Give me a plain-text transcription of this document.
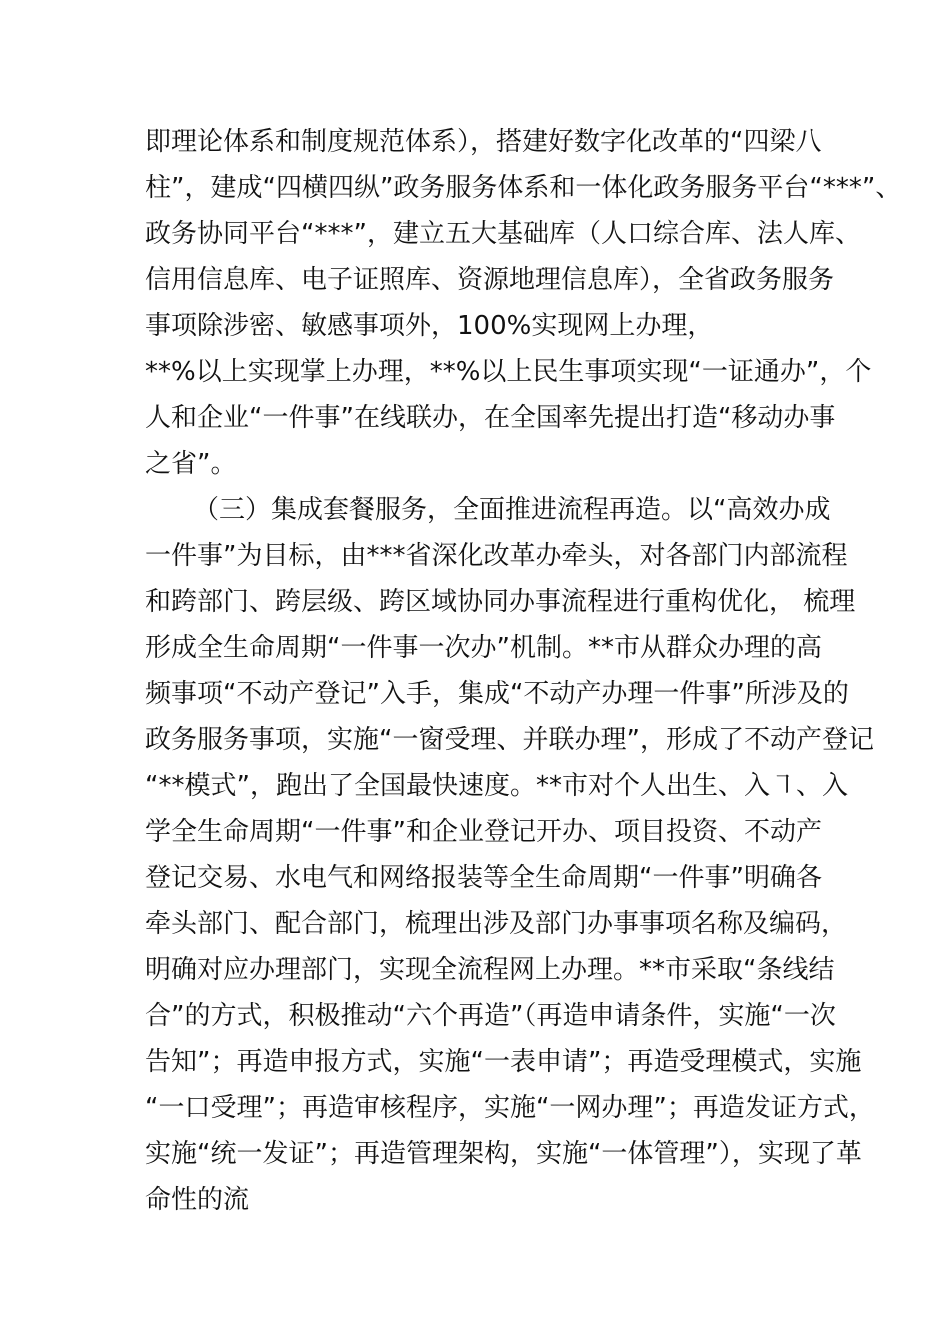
即理论体系和制度规范体系），搭建好数字化改革的“四梁八
柱”，建成“四横四纵”政务服务体系和一体化政务服务平台“***”、
政务协同平台“***”，建立五大基础库（人口综合库、法人库、
信用信息库、电子证照库、资源地理信息库），全省政务服务
事项除涉密、敏感事项外，100%实现网上办理，
**%以上实现掌上办理，**%以上民生事项实现“一证通办”，个
人和企业“一件事”在线联办，在全国率先提出打造“移动办事
之省”。
（三）集成套餐服务，全面推进流程再造。以“高效办成
一件事”为目标，由***省深化改革办牵头，对各部门内部流程
和跨部门、跨层级、跨区域协同办事流程进行重构优化， 梳理
形成全生命周期“一件事一次办”机制。**市从群众办理的高
频事项“不动产登记”入手，集成“不动产办理一件事”所涉及的
政务服务事项，实施“一窗受理、并联办理”，形成了不动产登记
“**模式”，跑出了全国最快速度。**市对个人出生、入㇕、入
学全生命周期“一件事”和企业登记开办、项目投资、不动产
登记交易、水电气和网络报装等全生命周期“一件事”明确各
牵头部门、配合部门，梳理出涉及部门办事事项名称及编码，
明确对应办理部门，实现全流程网上办理。**市采取“条线结
合”的方式，积极推动“六个再造”（再造申请条件，实施“一次
告知”；再造申报方式，实施“一表申请”；再造受理模式，实施
“一口受理”；再造审核程序，实施“一网办理”；再造发证方式，
实施“统一发证”；再造管理架构，实施“一体管理”），实现了革
命性的流
